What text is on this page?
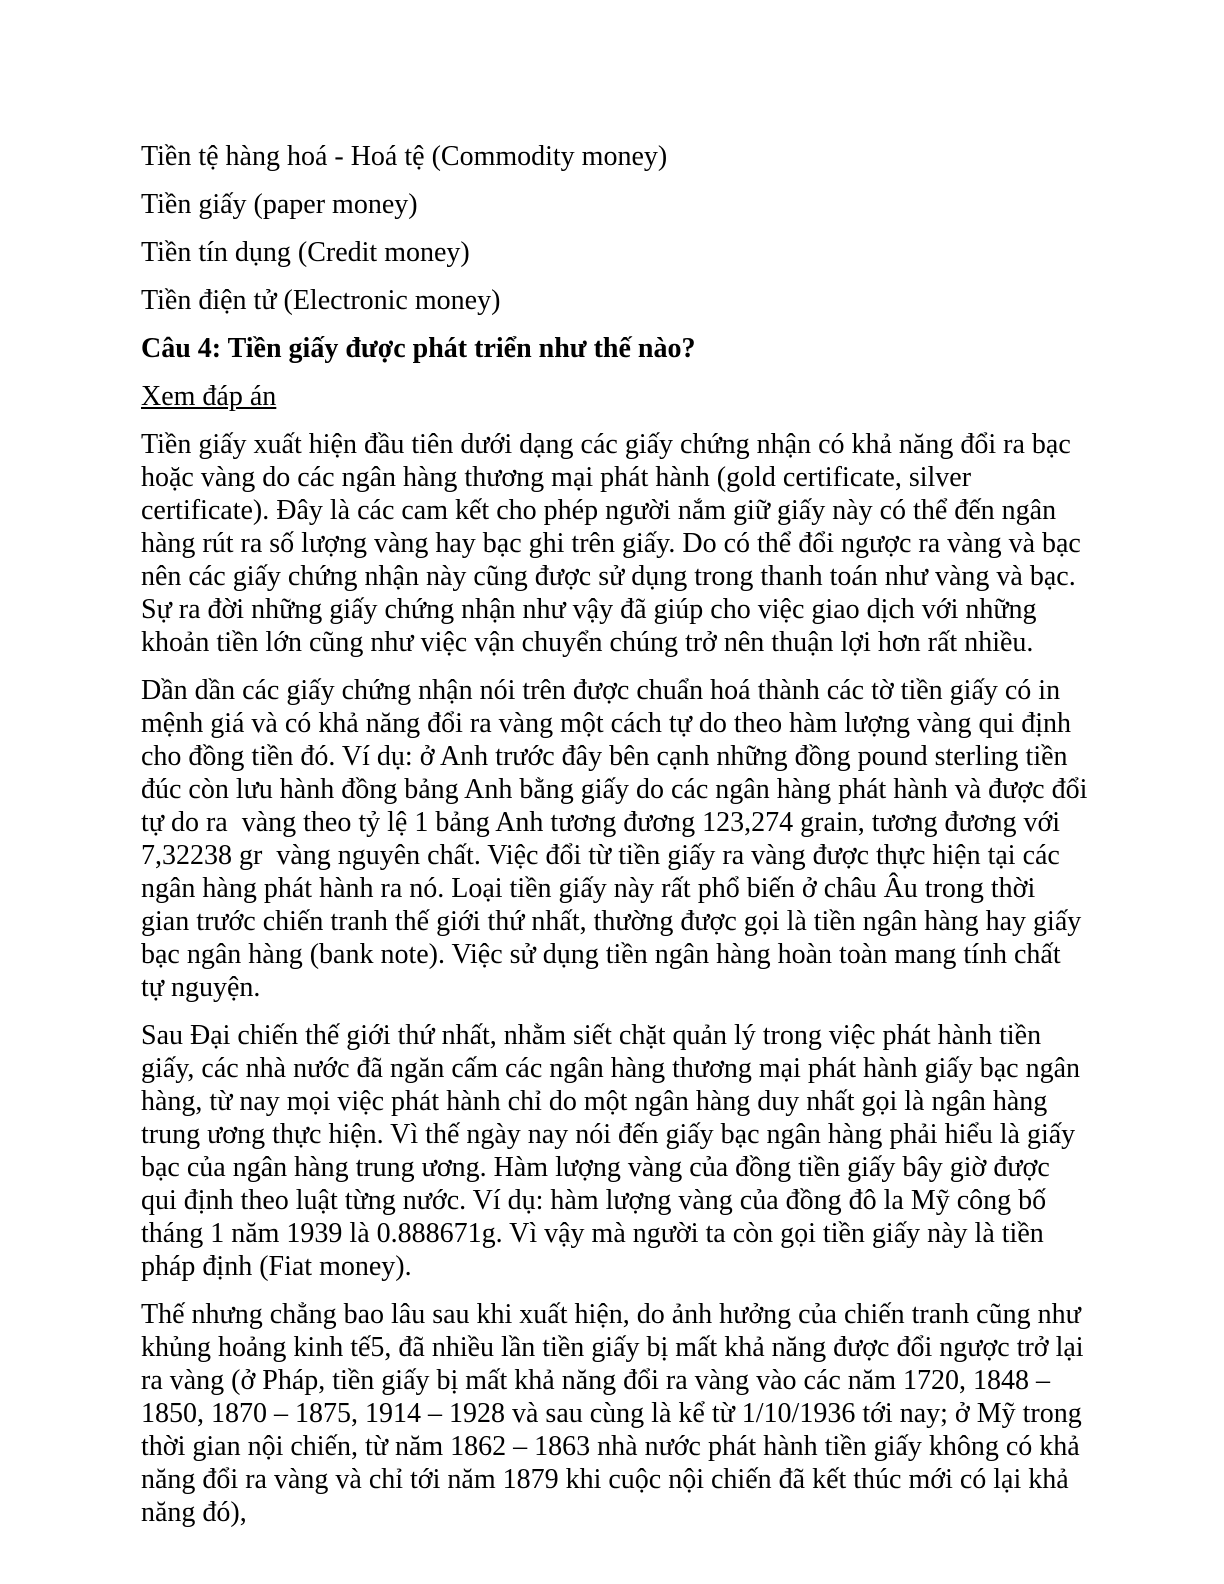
Tiền tệ hàng hoá - Hoá tệ (Commodity money)

Tiền giấy (paper money)

Tiền tín dụng (Credit money)

Tiền điện tử (Electronic money)

Câu 4: Tiền giấy được phát triển như thế nào?

Xem đáp án

Tiền giấy xuất hiện đầu tiên dưới dạng các giấy chứng nhận có khả năng đổi ra bạc hoặc vàng do các ngân hàng thương mại phát hành (gold certificate, silver certificate). Đây là các cam kết cho phép người nắm giữ giấy này có thể đến ngân hàng rút ra số lượng vàng hay bạc ghi trên giấy. Do có thể đổi ngược ra vàng và bạc nên các giấy chứng nhận này cũng được sử dụng trong thanh toán như vàng và bạc. Sự ra đời những giấy chứng nhận như vậy đã giúp cho việc giao dịch với những khoản tiền lớn cũng như việc vận chuyển chúng trở nên thuận lợi hơn rất nhiều.

Dần dần các giấy chứng nhận nói trên được chuẩn hoá thành các tờ tiền giấy có in mệnh giá và có khả năng đổi ra vàng một cách tự do theo hàm lượng vàng qui định cho đồng tiền đó. Ví dụ: ở Anh trước đây bên cạnh những đồng pound sterling tiền đúc còn lưu hành đồng bảng Anh bằng giấy do các ngân hàng phát hành và được đổi tự do ra  vàng theo tỷ lệ 1 bảng Anh tương đương 123,274 grain, tương đương với 7,32238 gr  vàng nguyên chất. Việc đổi từ tiền giấy ra vàng được thực hiện tại các ngân hàng phát hành ra nó. Loại tiền giấy này rất phổ biến ở châu Âu trong thời gian trước chiến tranh thế giới thứ nhất, thường được gọi là tiền ngân hàng hay giấy bạc ngân hàng (bank note). Việc sử dụng tiền ngân hàng hoàn toàn mang tính chất tự nguyện.

Sau Đại chiến thế giới thứ nhất, nhằm siết chặt quản lý trong việc phát hành tiền giấy, các nhà nước đã ngăn cấm các ngân hàng thương mại phát hành giấy bạc ngân hàng, từ nay mọi việc phát hành chỉ do một ngân hàng duy nhất gọi là ngân hàng trung ương thực hiện. Vì thế ngày nay nói đến giấy bạc ngân hàng phải hiểu là giấy bạc của ngân hàng trung ương. Hàm lượng vàng của đồng tiền giấy bây giờ được qui định theo luật từng nước. Ví dụ: hàm lượng vàng của đồng đô la Mỹ công bố tháng 1 năm 1939 là 0.888671g. Vì vậy mà người ta còn gọi tiền giấy này là tiền pháp định (Fiat money).

Thế nhưng chẳng bao lâu sau khi xuất hiện, do ảnh hưởng của chiến tranh cũng như khủng hoảng kinh tế5, đã nhiều lần tiền giấy bị mất khả năng được đổi ngược trở lại ra vàng (ở Pháp, tiền giấy bị mất khả năng đổi ra vàng vào các năm 1720, 1848 – 1850, 1870 – 1875, 1914 – 1928 và sau cùng là kể từ 1/10/1936 tới nay; ở Mỹ trong thời gian nội chiến, từ năm 1862 – 1863 nhà nước phát hành tiền giấy không có khả năng đổi ra vàng và chỉ tới năm 1879 khi cuộc nội chiến đã kết thúc mới có lại khả năng đó),
